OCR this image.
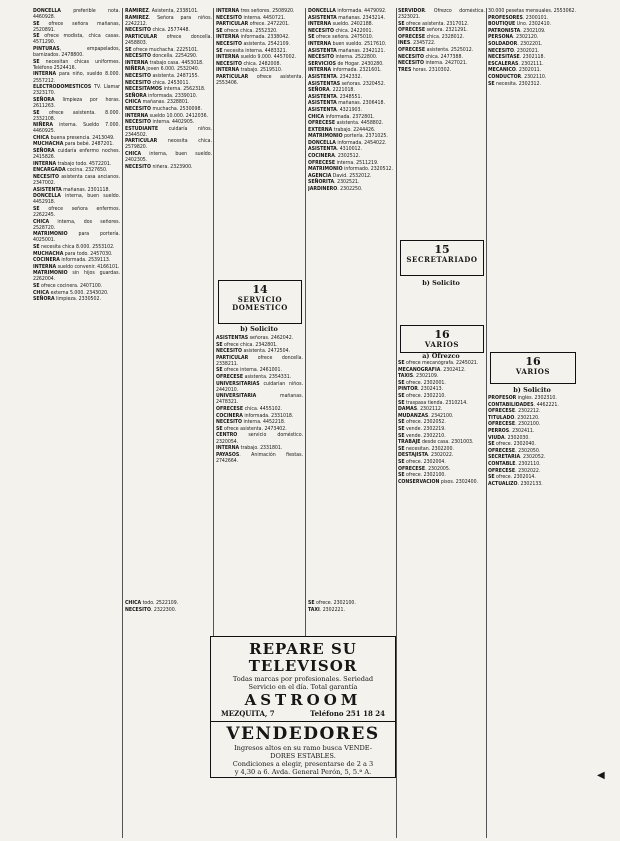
DONCELLA preferible nota. 4460928.

SE ofrece señora mañanas, 2520891.

SE ofrece modista, chica casas. 4571290.

PINTURAS, empapelados, barnizados. 2478800.

SE necesitan chicas uniformes. Teléfono 2524416.

INTERNA para niño, sueldo 8.000. 2557212.

ELECTRODOMESTICOS TV. Llamar 2323170.

SEÑORA limpieza por horas. 2611263.

SE ofrece asistenta. 8.000. 2332108.

NIÑERA interna. Sueldo 7.000. 4460925.

CHICA buena presencia. 2413049.

MUCHACHA para bebé. 2487201.

SEÑORA cuidaría enfermo noches. 2415826.

INTERNA trabajo todo. 4572201.

ENCARGADA cocina. 2327650.

NECESITO asistenta casa ancianos. 2347002.

ASISTENTA mañanas. 2301118.

DONCELLA interna, buen sueldo. 4452918.

SE ofrece señora enfermos. 2262245.

CHICA interna, dos señores. 2528720.

MATRIMONIO para portería. 4025001.

SE necesita chica 8.000. 2553102.

MUCHACHA para todo. 2457030.

COCINERA informada. 2539113.

INTERNA sueldo convenir. 4166101.

MATRIMONIO sin hijos guardas. 2262004.

SE ofrece cocinera. 2407100.

CHICA externa 5.000. 2343020.

SEÑORA limpieza. 2330502.

RAMIREZ. Asistenta, 2338101.

RAMIREZ. Señora para niños. 2242212.

NECESITO chica. 2577448.

PARTICULAR ofrece doncella. 2458803.

SE ofrece muchacha. 2225101.

NECESITO doncella. 2254290.

INTERNA trabajo casa. 4453018.

NIÑERA joven 6.000. 2532040.

NECESITO asistenta. 2487155.

NECESITO chica. 2453011.

NECESITAMOS interna. 2562318.

SEÑORA informada. 2339010.

CHICA mañanas. 2328801.

NECESITO muchacha. 2530098.

INTERNA sueldo 10.000. 2412036.

NECESITO interna. 4402905.

ESTUDIANTE cuidaría niños. 2344502.

PARTICULAR necesita chica. 2579820.

CHICA interna, buen sueldo. 2402305.

NECESITO niñera. 2323900.

INTERNA tres señores. 2508920.

NECESITO interna. 4450721.

PARTICULAR ofrece. 2472201.

SE ofrece chica. 2552320.

INTERNA informada. 2338042.

NECESITO asistenta. 2542109.

SE necesita interna. 4483321.

INTERNA sueldo 9.000. 4457002.

NECESITO chica. 2482008.

INTERNA trabajo. 2519510.

PARTICULAR ofrece asistenta. 2553406.

ASISTENTAS señoras. 2462042.

SE ofrece chica. 2342801.

NECESITO asistenta. 2472504.

PARTICULAR ofrece doncella. 2338211.

SE ofrece interna. 2461001.

OFRECESE asistenta. 2354331.

UNIVERSITARIAS cuidarían niños. 2442010.

UNIVERSITARIA mañanas. 2478321.

OFRECESE chica. 4455102.

COCINERA informada. 2331018.

NECESITO interna. 4452218.

SE ofrece asistenta. 2473402.

CENTRO servicio doméstico. 2320054.

INTERNA trabajo. 2331801.

PAYASOS. Animación fiestas. 2742664.

DONCELLA informada. 4479092.

ASISTENTA mañanas. 2343214.

INTERNA sueldo. 2402188.

NECESITO chica. 2422001.

SE ofrece señora. 2475010.

INTERNA buen sueldo. 2517610.

ASISTENTA mañanas. 2342121.

NECESITO interna. 2522800.

SERVICIOS de Hogar. 2430280.

INTERNA informada. 2321601.

ASISTENTA. 2342332.

ASISTENTAS señoras. 2320452.

SEÑORA. 2221018.

ASISTENTA. 2348551.

ASISTENTA mañanas. 2306418.

ASISTENTA. 4321903.

CHICA informada. 2372801.

OFRECESE asistenta. 4458802.

EXTERNA trabajo. 2244426.

MATRIMONIO portería. 2371025.

DONCELLA informada. 2454022.

ASISTENTA. 4310012.

COCINERA. 2302512.

OFRECESE interna. 2511219.

MATRIMONIO informado. 2320512.

AGENCIA David. 2532012.

SEÑORITA. 2302521.

JARDINERO. 2302250.

SERVIDOR. Ofrezco doméstica. 2323021.

SE ofrece asistenta. 2317012.

OFRECESE señora. 2321291.

OFRECESE chica. 2328012.

INES. 2345722.

OFRECESE asistenta. 2525012.

NECESITO chica. 2477388.

NECESITO interna. 2427021.

TRES horas. 2310302.

SE ofrece mecanógrafa. 2245021.

MECANOGRAFIA. 2302412.

TAXIS. 2302109.

SE ofrece. 2302001.

PINTOR. 2302413.

SE ofrece. 2302210.

SE traspasa tienda. 2310214.

DAMAS. 2302112.

MUDANZAS. 2342100.

SE ofrece. 2302052.

SE vende. 2302219.

SE vende. 2302210.

TRABAJE desde casa. 2301003.

SE necesitan. 2302200.

DESTAJISTA. 2302022.

SE ofrece. 2302004.

OFRECESE. 2302005.

SE ofrece. 2302100.

CONSERVACION pisos. 2302400.

30.000 pesetas mensuales. 2553062.

PROFESORES. 2300101.

BOUTIQUE Uno. 2302410.

PATRONISTA. 2302109.

PERSONA. 2302120.

SOLDADOR. 2302201.

NECESITO. 2302021.

NECESITASE. 2302118.

ESCALERAS. 2302111.

MECANICO. 2302011.

CONDUCTOR. 2302110.

SE necesita. 2302312.

PROFESOR inglés. 2302310.

CONTABILIDADES. 4462221.

OFRECESE. 2302212.

TITULADO. 2302120.

OFRECESE. 2302100.

PERROS. 2302411.

VIUDA. 2302030.

SE ofrece. 2302040.

OFRECESE. 2302050.

SECRETARIA. 2302052.

CONTABLE. 2302110.

OFRECESE. 2302022.

SE ofrece. 2302014.

ACTUALIZO. 2302133.

CHICA todo. 2522109.

NECESITO. 2322300.

SE ofrece. 2302100.

TAXI. 2302221.

14
SERVICIO DOMESTICO
b) Solicito
15
SECRETARIADO
b) Solicito
16
VARIOS
a) Ofrezco	16
VARIOS
b) Solicito
REPARE SU TELEVISOR
Todas marcas por profesionales. Seriedad
Servicio en el día. Total garantía
ASTROOM
MEZQUITA, 7	Teléfono 251 18 24
VENDEDORES
Ingresos altos en su ramo busca VENDE-
DORES ESTABLES.
Condiciones a elegir, presentarse de 2 a 3
y 4,30 a 6. Avda. General Perón, 5, 5.ª A.	◀
